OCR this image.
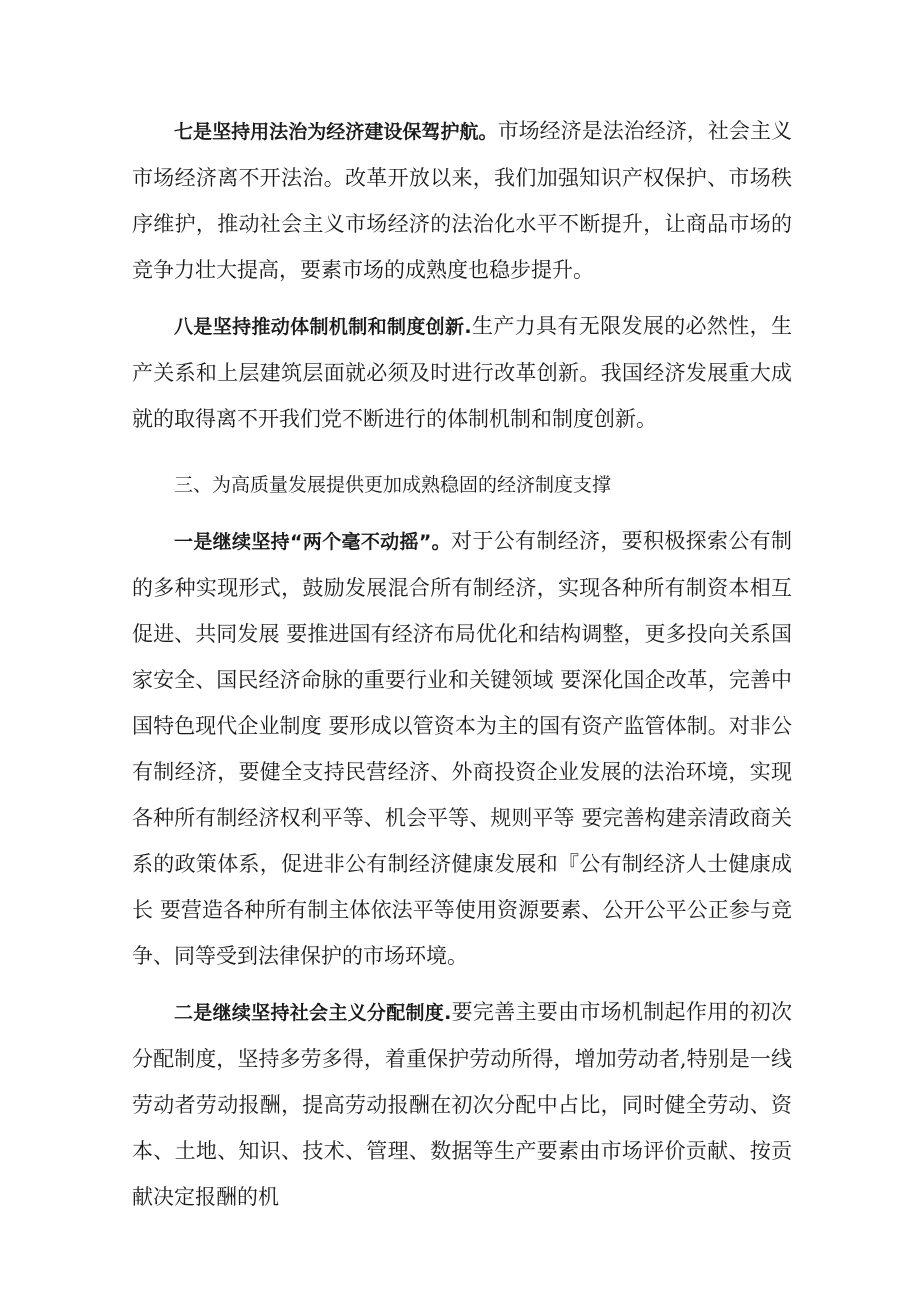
七是坚持用法治为经济建设保驾护航。市场经济是法治经济，社会主义市场经济离不开法治。改革开放以来，我们加强知识产权保护、市场秩序维护，推动社会主义市场经济的法治化水平不断提升，让商品市场的竞争力壮大提高，要素市场的成熟度也稳步提升。

八是坚持推动体制机制和制度创新.生产力具有无限发展的必然性，生产关系和上层建筑层面就必须及时进行改革创新。我国经济发展重大成就的取得离不开我们党不断进行的体制机制和制度创新。

三、为高质量发展提供更加成熟稳固的经济制度支撑

一是继续坚持“两个毫不动摇”。对于公有制经济，要积极探索公有制的多种实现形式，鼓励发展混合所有制经济，实现各种所有制资本相互促进、共同发展 要推进国有经济布局优化和结构调整，更多投向关系国家安全、国民经济命脉的重要行业和关键领域 要深化国企改革，完善中国特色现代企业制度 要形成以管资本为主的国有资产监管体制。对非公有制经济，要健全支持民营经济、外商投资企业发展的法治环境，实现各种所有制经济权利平等、机会平等、规则平等 要完善构建亲清政商关系的政策体系，促进非公有制经济健康发展和『公有制经济人士健康成长 要营造各种所有制主体依法平等使用资源要素、公开公平公正参与竞争、同等受到法律保护的市场环境。

二是继续坚持社会主义分配制度.要完善主要由市场机制起作用的初次分配制度，坚持多劳多得，着重保护劳动所得，增加劳动者,特别是一线劳动者劳动报酬，提高劳动报酬在初次分配中占比，同时健全劳动、资本、土地、知识、技术、管理、数据等生产要素由市场评价贡献、按贡献决定报酬的机
